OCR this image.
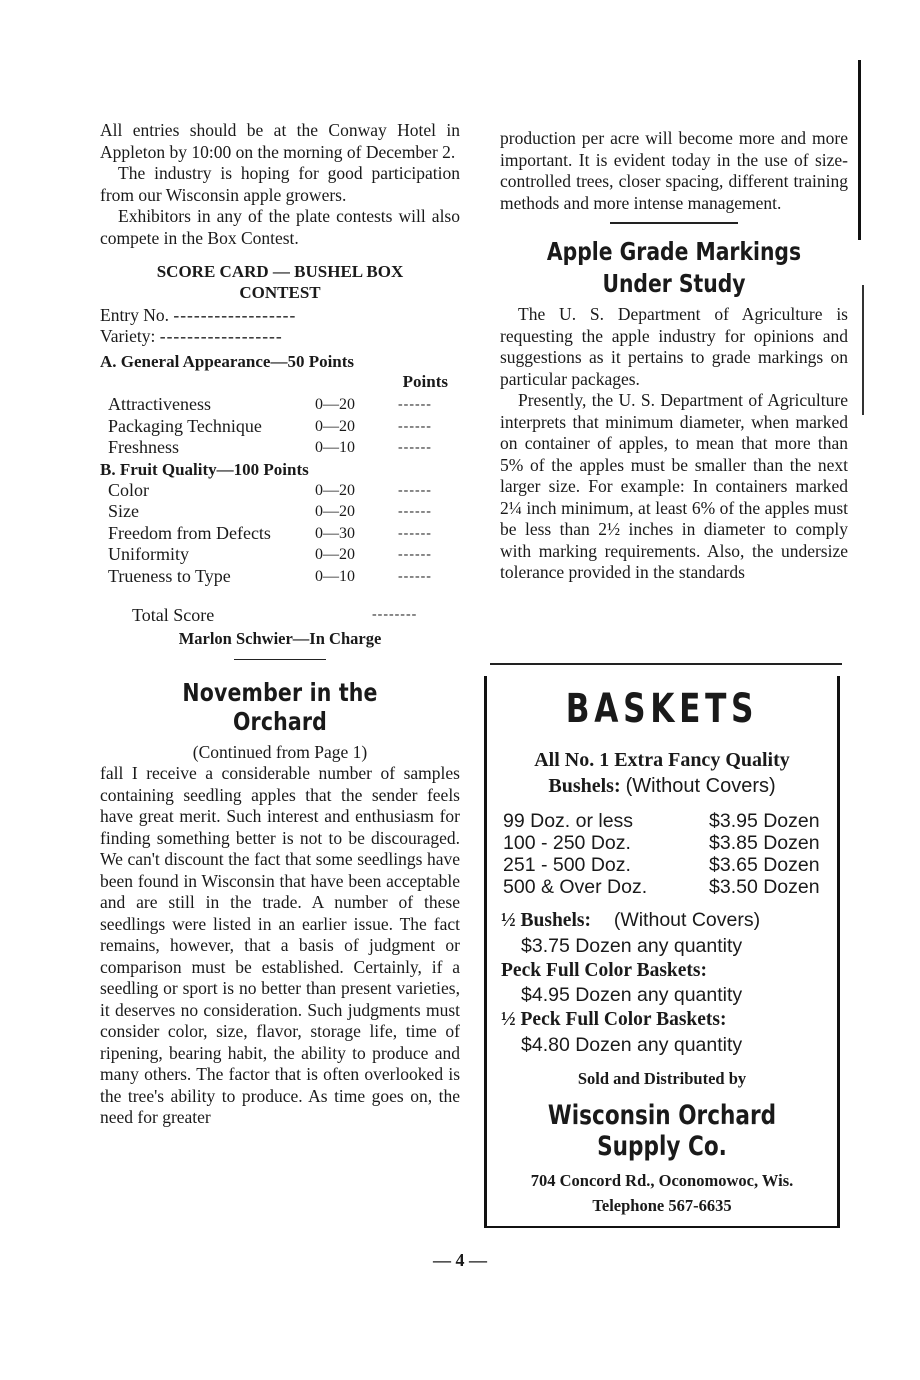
All entries should be at the Conway Hotel in Appleton by 10:00 on the morning of December 2.

The industry is hoping for good participation from our Wisconsin apple growers.

Exhibitors in any of the plate contests will also compete in the Box Contest.

SCORE CARD — BUSHEL BOX
CONTEST
Entry No. ------------------
Variety: ------------------
A. General Appearance—50 Points
Points
Attractiveness	0—20	------
Packaging Technique	0—20	------
Freshness	0—10	------
B. Fruit Quality—100 Points
Color	0—20	------
Size	0—20	------
Freedom from Defects	0—30	------
Uniformity	0—20	------
Trueness to Type	0—10	------
Total Score	--------
Marlon Schwier—In Charge
November in the Orchard
(Continued from Page 1)

fall I receive a considerable number of samples containing seedling apples that the sender feels have great merit. Such interest and enthusiasm for finding something better is not to be discouraged. We can't discount the fact that some seedlings have been found in Wisconsin that have been acceptable and are still in the trade. A number of these seedlings were listed in an earlier issue. The fact remains, however, that a basis of judgment or comparison must be established. Certainly, if a seedling or sport is no better than present varieties, it deserves no consideration. Such judgments must consider color, size, flavor, storage life, time of ripening, bearing habit, the ability to produce and many others. The factor that is often overlooked is the tree's ability to produce. As time goes on, the need for greater

production per acre will become more and more important. It is evident today in the use of size-controlled trees, closer spacing, different training methods and more intense management.

Apple Grade Markings
Under Study

The U. S. Department of Agriculture is requesting the apple industry for opinions and suggestions as it pertains to grade markings on particular packages.

Presently, the U. S. Department of Agriculture interprets that minimum diameter, when marked on container of apples, to mean that more than 5% of the apples must be smaller than the next larger size. For example: In containers marked 2¼ inch minimum, at least 6% of the apples must be less than 2½ inches in diameter to comply with marking requirements. Also, the undersize tolerance provided in the standards

BASKETS
All No. 1 Extra Fancy Quality
Bushels: (Without Covers)
99 Doz. or less	$3.95 Dozen
100 - 250 Doz.	$3.85 Dozen
251 - 500 Doz.	$3.65 Dozen
500 & Over Doz.	$3.50 Dozen
½ Bushels: (Without Covers)
$3.75 Dozen any quantity
Peck Full Color Baskets:
$4.95 Dozen any quantity
½ Peck Full Color Baskets:
$4.80 Dozen any quantity
Sold and Distributed by
Wisconsin Orchard
Supply Co.
704 Concord Rd., Oconomowoc, Wis.
Telephone 567-6635
— 4 —
